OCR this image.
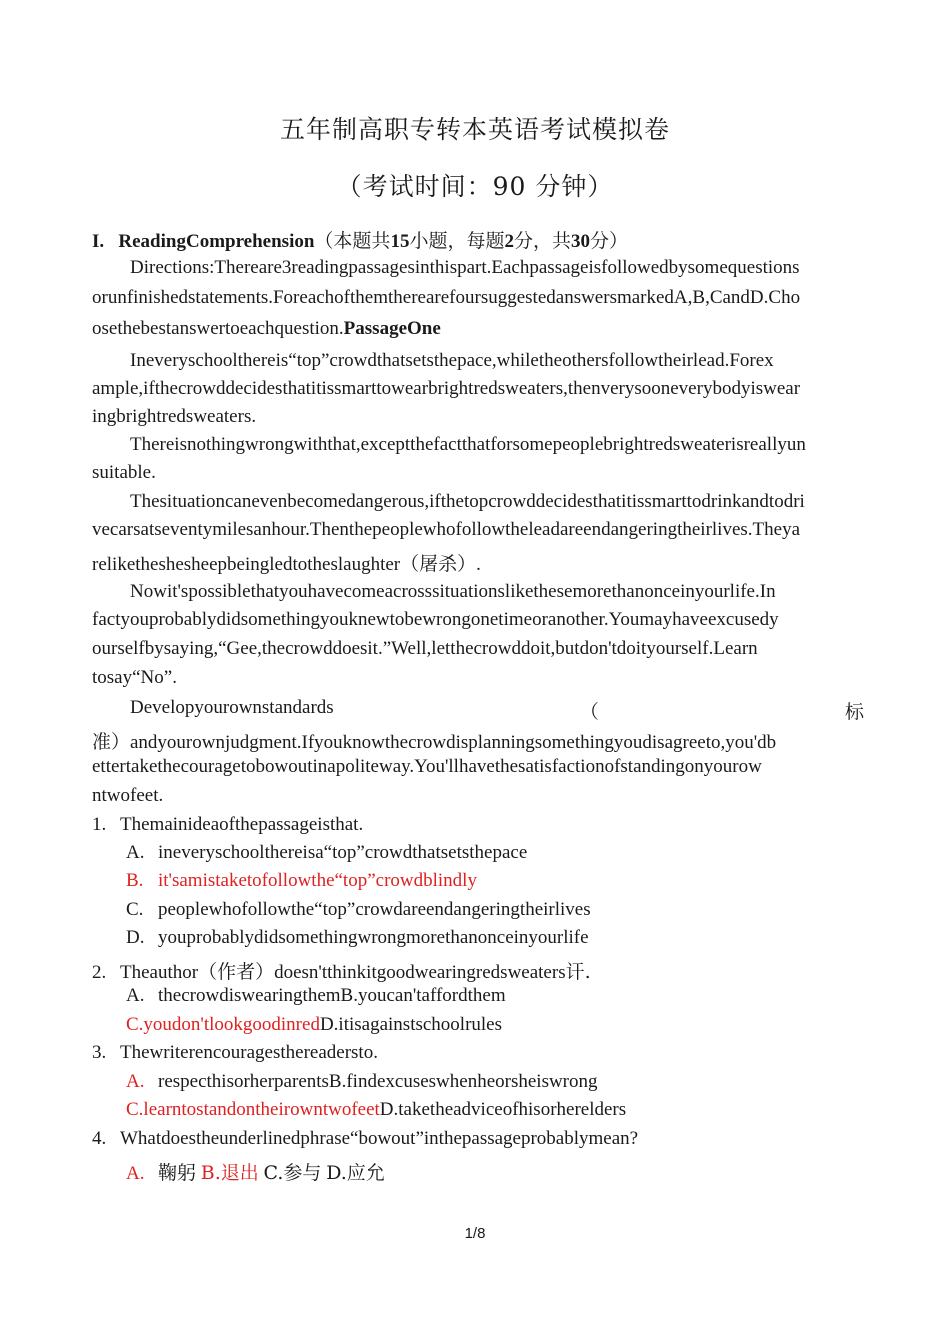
五年制高职专转本英语考试模拟卷
（考试时间：90 分钟）
I. ReadingComprehension（本题共15小题，每题2分，共30分）
Directions:Thereare3readingpassagesinthispart.Eachpassageisfollowedbysomequestions
orunfinishedstatements.ForeachofthemtherearefoursuggestedanswersmarkedA,B,CandD.Cho
osethebestanswertoeachquestion.PassageOne
Ineveryschoolthereis“top”crowdthatsetsthepace,whiletheothersfollowtheirlead.Forex
ample,ifthecrowddecidesthatitissmarttowearbrightredsweaters,thenverysooneverybodyiswear
ingbrightredsweaters.
Thereisnothingwrongwiththat,exceptthefactthatforsomepeoplebrightredsweaterisreallyun
suitable.
Thesituationcanevenbecomedangerous,ifthetopcrowddecidesthatitissmarttodrinkandtodri
vecarsatseventymilesanhour.Thenthepeoplewhofollowtheleadareendangeringtheirlives.Theya
reliketheshesheepbeingledtotheslaughter（屠杀）.
Nowit'spossiblethatyouhavecomeacrosssituationslikethesemorethanonceinyourlife.In
factyouprobablydidsomethingyouknewtobewrongonetimeoranother.Youmayhaveexcusedy
ourselfbysaying,“Gee,thecrowddoesit.”Well,letthecrowddoit,butdon'tdoityourself.Learn
tosay“No”.
Developyourownstandards	（	标
准）andyourownjudgment.Ifyouknowthecrowdisplanningsomethingyoudisagreeto,you'db
ettertakethecouragetobowoutinapoliteway.You'llhavethesatisfactionofstandingonyourow
ntwofeet.
1. Themainideaofthepassageisthat.
A. ineveryschoolthereisa“top”crowdthatsetsthepace
B. it'samistaketofollowthe“top”crowdblindly
C. peoplewhofollowthe“top”crowdareendangeringtheirlives
D. youprobablydidsomethingwrongmorethanonceinyourlife
2. Theauthor（作者）doesn'tthinkitgoodwearingredsweaters讦.
A. thecrowdiswearingthemB.youcan'taffordthem
C.youdon'tlookgoodinredD.itisagainstschoolrules
3. Thewriterencouragesthereadersto.
A. respecthisorherparentsB.findexcuseswhenheorsheiswrong
C.learntostandontheirowntwofeetD.taketheadviceofhisorherelders
4. Whatdoestheunderlinedphrase“bowout”inthepassageprobablymean?
A. 鞠躬 B.退出 C.参与 D.应允
1/8
